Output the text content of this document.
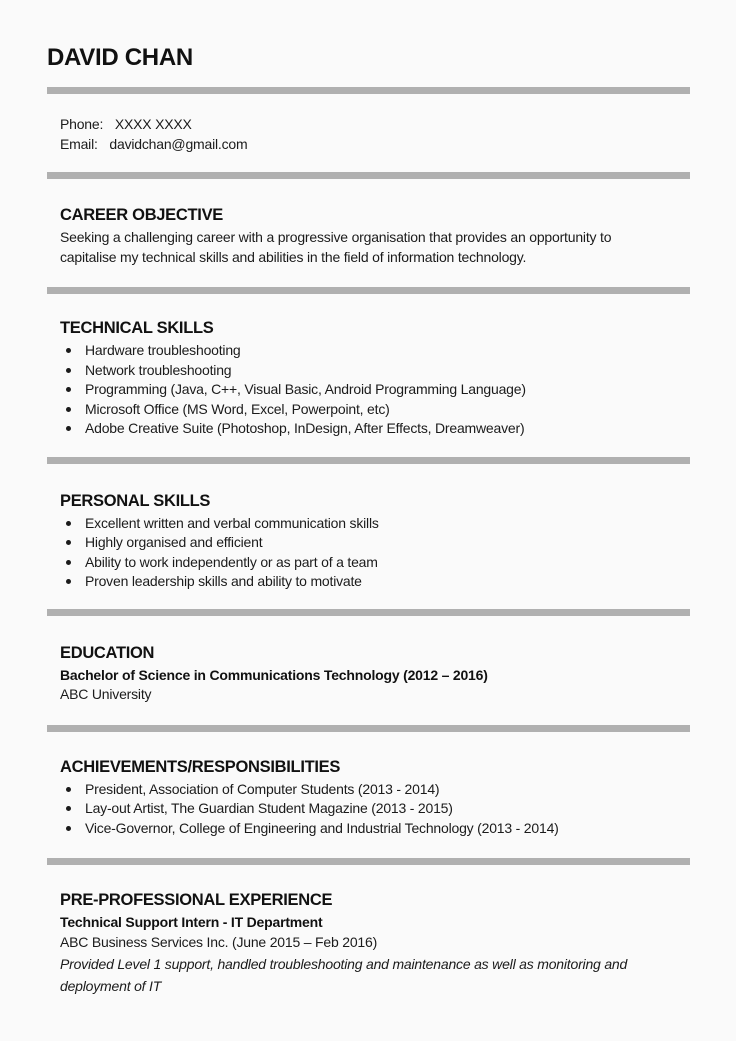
DAVID CHAN
Phone: XXXX XXXX
Email: davidchan@gmail.com
CAREER OBJECTIVE
Seeking a challenging career with a progressive organisation that provides an opportunity to capitalise my technical skills and abilities in the field of information technology.
TECHNICAL SKILLS
Hardware troubleshooting
Network troubleshooting
Programming (Java, C++, Visual Basic, Android Programming Language)
Microsoft Office (MS Word, Excel, Powerpoint, etc)
Adobe Creative Suite (Photoshop, InDesign, After Effects, Dreamweaver)
PERSONAL SKILLS
Excellent written and verbal communication skills
Highly organised and efficient
Ability to work independently or as part of a team
Proven leadership skills and ability to motivate
EDUCATION
Bachelor of Science in Communications Technology (2012 – 2016)
ABC University
ACHIEVEMENTS/RESPONSIBILITIES
President, Association of Computer Students (2013 - 2014)
Lay-out Artist, The Guardian Student Magazine (2013 - 2015)
Vice-Governor, College of Engineering and Industrial Technology (2013 - 2014)
PRE-PROFESSIONAL EXPERIENCE
Technical Support Intern - IT Department
ABC Business Services Inc. (June 2015 – Feb 2016)
Provided Level 1 support, handled troubleshooting and maintenance as well as monitoring and deployment of IT
